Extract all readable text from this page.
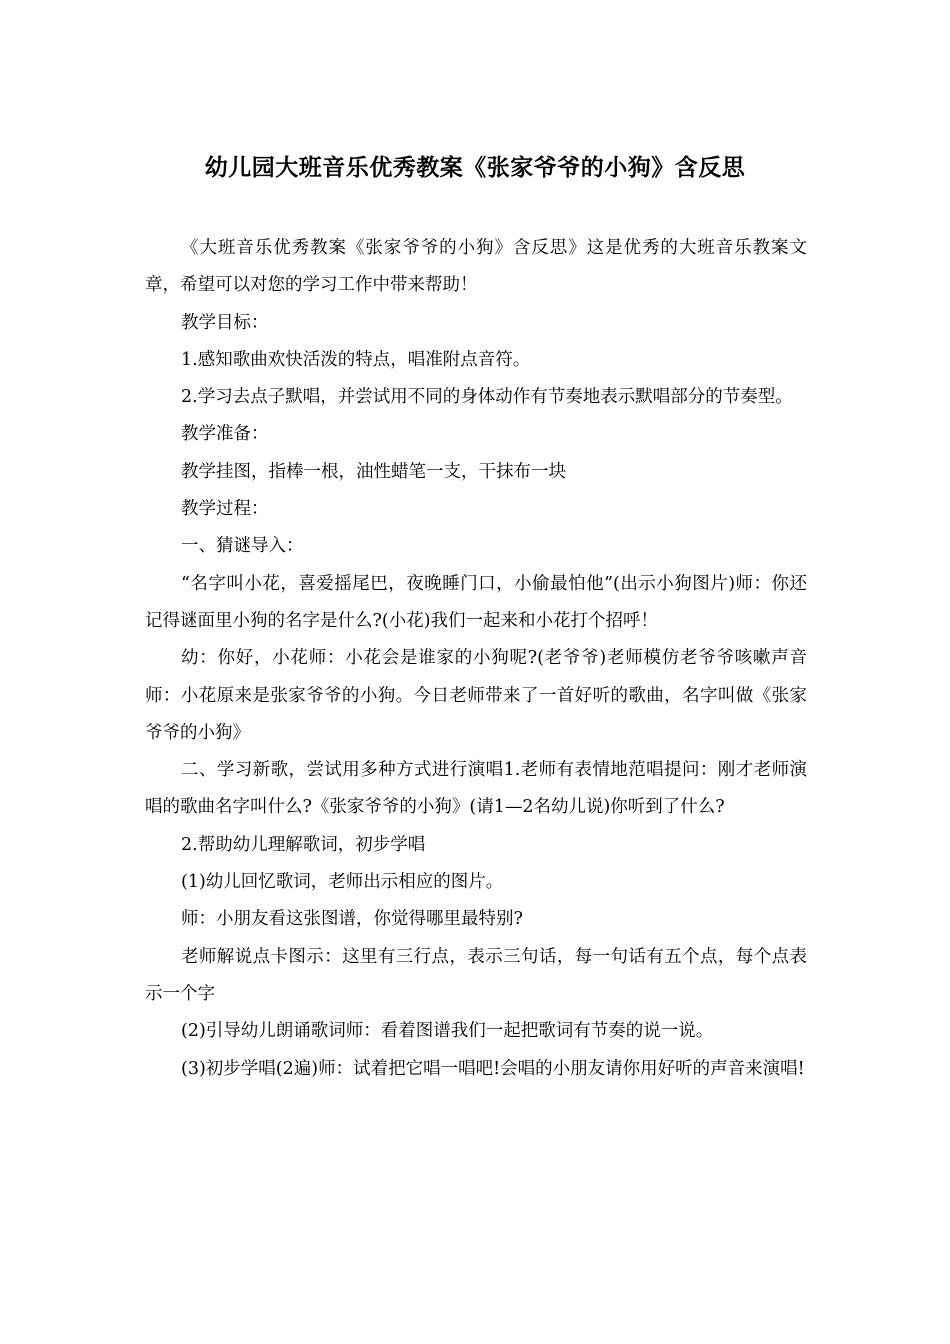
幼儿园大班音乐优秀教案《张家爷爷的小狗》含反思

《大班音乐优秀教案《张家爷爷的小狗》含反思》这是优秀的大班音乐教案文章，希望可以对您的学习工作中带来帮助！

教学目标：

1.感知歌曲欢快活泼的特点，唱准附点音符。

2.学习去点子默唱，并尝试用不同的身体动作有节奏地表示默唱部分的节奏型。

教学准备：

教学挂图，指棒一根，油性蜡笔一支，干抹布一块

教学过程：

一、猜谜导入：

“名字叫小花，喜爱摇尾巴，夜晚睡门口，小偷最怕他”(出示小狗图片)师：你还记得谜面里小狗的名字是什么?(小花)我们一起来和小花打个招呼！

幼：你好，小花师：小花会是谁家的小狗呢?(老爷爷)老师模仿老爷爷咳嗽声音师：小花原来是张家爷爷的小狗。今日老师带来了一首好听的歌曲，名字叫做《张家爷爷的小狗》

二、学习新歌，尝试用多种方式进行演唱1.老师有表情地范唱提问：刚才老师演唱的歌曲名字叫什么?《张家爷爷的小狗》(请1—2名幼儿说)你听到了什么?

2.帮助幼儿理解歌词，初步学唱

(1)幼儿回忆歌词，老师出示相应的图片。

师：小朋友看这张图谱，你觉得哪里最特别?

老师解说点卡图示：这里有三行点，表示三句话，每一句话有五个点，每个点表示一个字

(2)引导幼儿朗诵歌词师：看着图谱我们一起把歌词有节奏的说一说。

(3)初步学唱(2遍)师：试着把它唱一唱吧!会唱的小朋友请你用好听的声音来演唱!
